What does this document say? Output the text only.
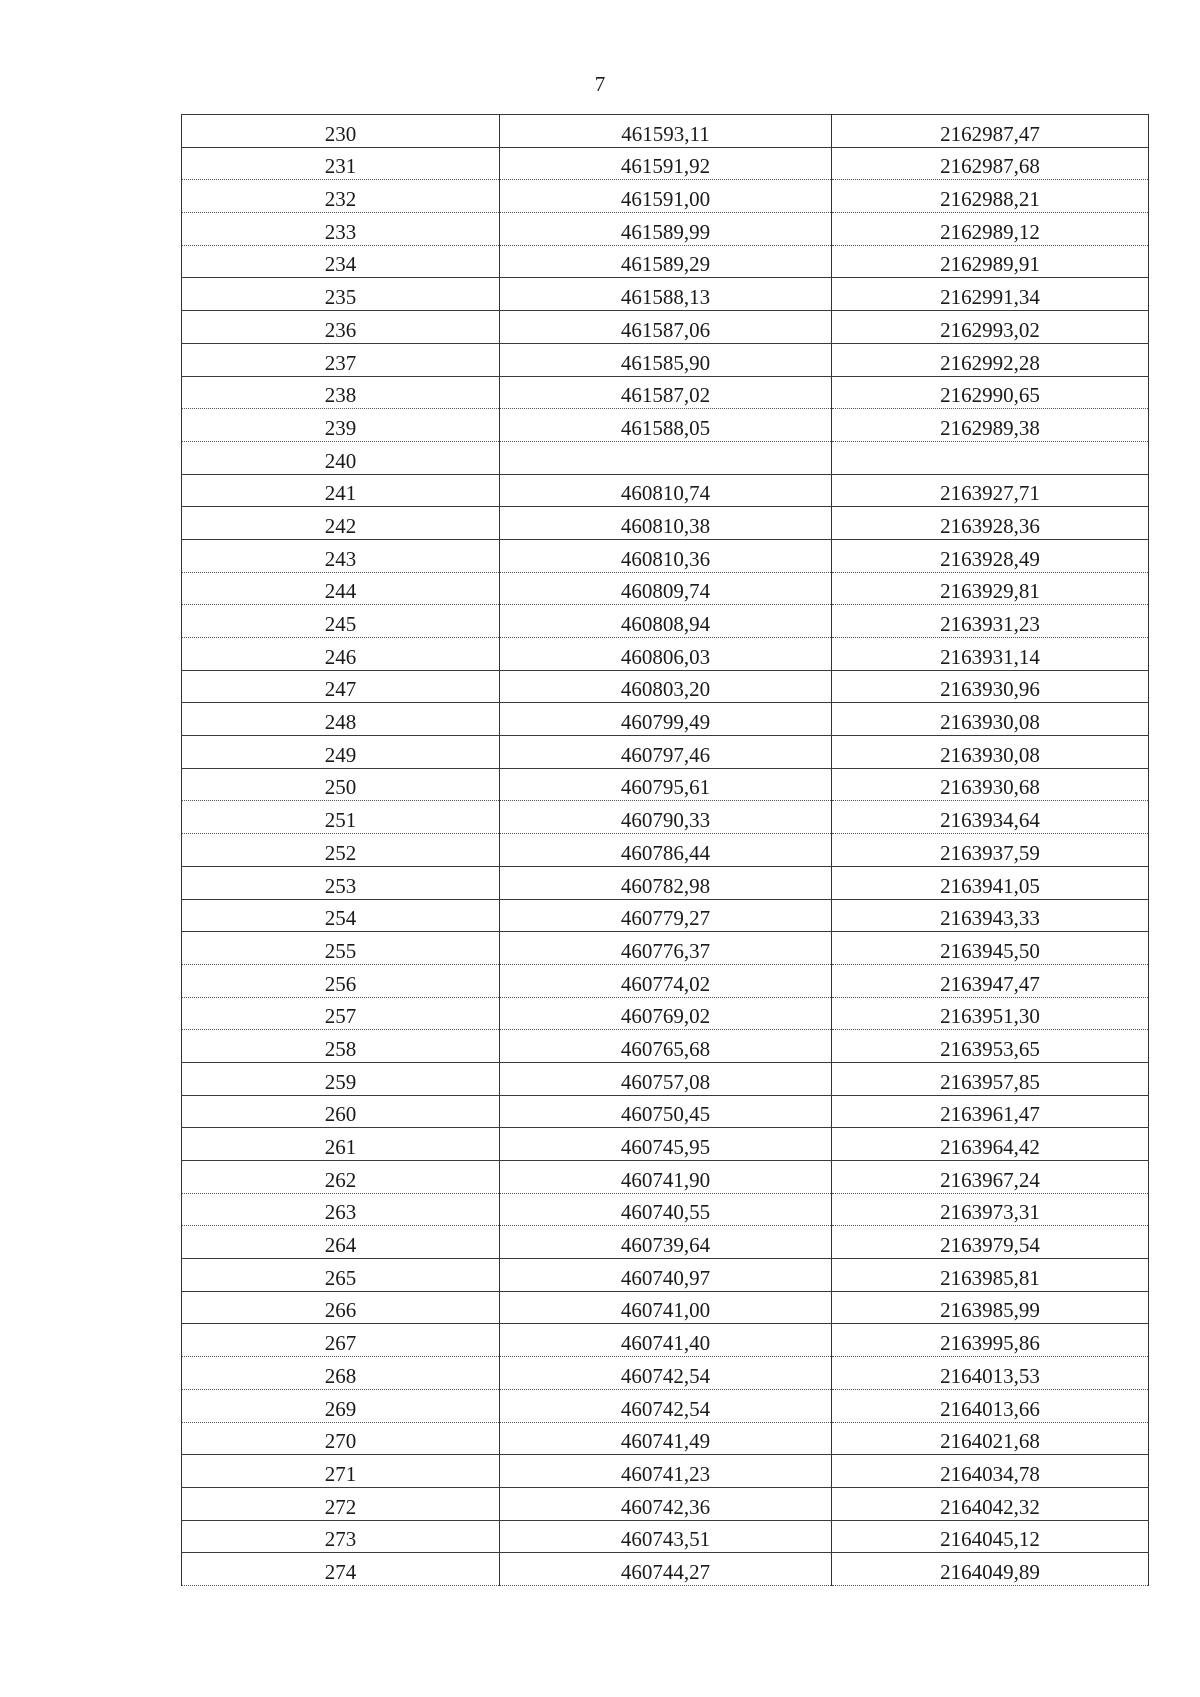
7
230	461593,11	2162987,47
231	461591,92	2162987,68
232	461591,00	2162988,21
233	461589,99	2162989,12
234	461589,29	2162989,91
235	461588,13	2162991,34
236	461587,06	2162993,02
237	461585,90	2162992,28
238	461587,02	2162990,65
239	461588,05	2162989,38
240		
241	460810,74	2163927,71
242	460810,38	2163928,36
243	460810,36	2163928,49
244	460809,74	2163929,81
245	460808,94	2163931,23
246	460806,03	2163931,14
247	460803,20	2163930,96
248	460799,49	2163930,08
249	460797,46	2163930,08
250	460795,61	2163930,68
251	460790,33	2163934,64
252	460786,44	2163937,59
253	460782,98	2163941,05
254	460779,27	2163943,33
255	460776,37	2163945,50
256	460774,02	2163947,47
257	460769,02	2163951,30
258	460765,68	2163953,65
259	460757,08	2163957,85
260	460750,45	2163961,47
261	460745,95	2163964,42
262	460741,90	2163967,24
263	460740,55	2163973,31
264	460739,64	2163979,54
265	460740,97	2163985,81
266	460741,00	2163985,99
267	460741,40	2163995,86
268	460742,54	2164013,53
269	460742,54	2164013,66
270	460741,49	2164021,68
271	460741,23	2164034,78
272	460742,36	2164042,32
273	460743,51	2164045,12
274	460744,27	2164049,89
